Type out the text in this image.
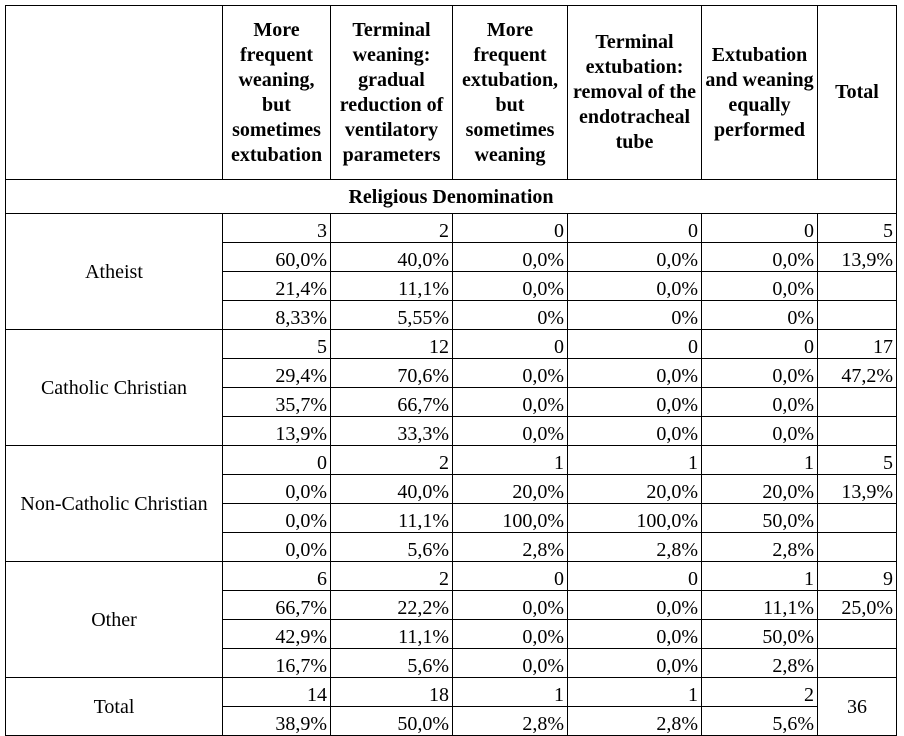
	More frequent weaning, but sometimes extubation	Terminal weaning: gradual reduction of ventilatory parameters	More frequent extubation, but sometimes weaning	Terminal extubation: removal of the endotracheal tube	Extubation and weaning equally performed	Total
Religious Denomination						
Atheist	3	2	0	0	0	5
	60,0%	40,0%	0,0%	0,0%	0,0%	13,9%
	21,4%	11,1%	0,0%	0,0%	0,0%	
	8,33%	5,55%	0%	0%	0%	
Catholic Christian	5	12	0	0	0	17
	29,4%	70,6%	0,0%	0,0%	0,0%	47,2%
	35,7%	66,7%	0,0%	0,0%	0,0%	
	13,9%	33,3%	0,0%	0,0%	0,0%	
Non-Catholic Christian	0	2	1	1	1	5
	0,0%	40,0%	20,0%	20,0%	20,0%	13,9%
	0,0%	11,1%	100,0%	100,0%	50,0%	
	0,0%	5,6%	2,8%	2,8%	2,8%	
Other	6	2	0	0	1	9
	66,7%	22,2%	0,0%	0,0%	11,1%	25,0%
	42,9%	11,1%	0,0%	0,0%	50,0%	
	16,7%	5,6%	0,0%	0,0%	2,8%	
Total	14	18	1	1	2	36
	38,9%	50,0%	2,8%	2,8%	5,6%	
